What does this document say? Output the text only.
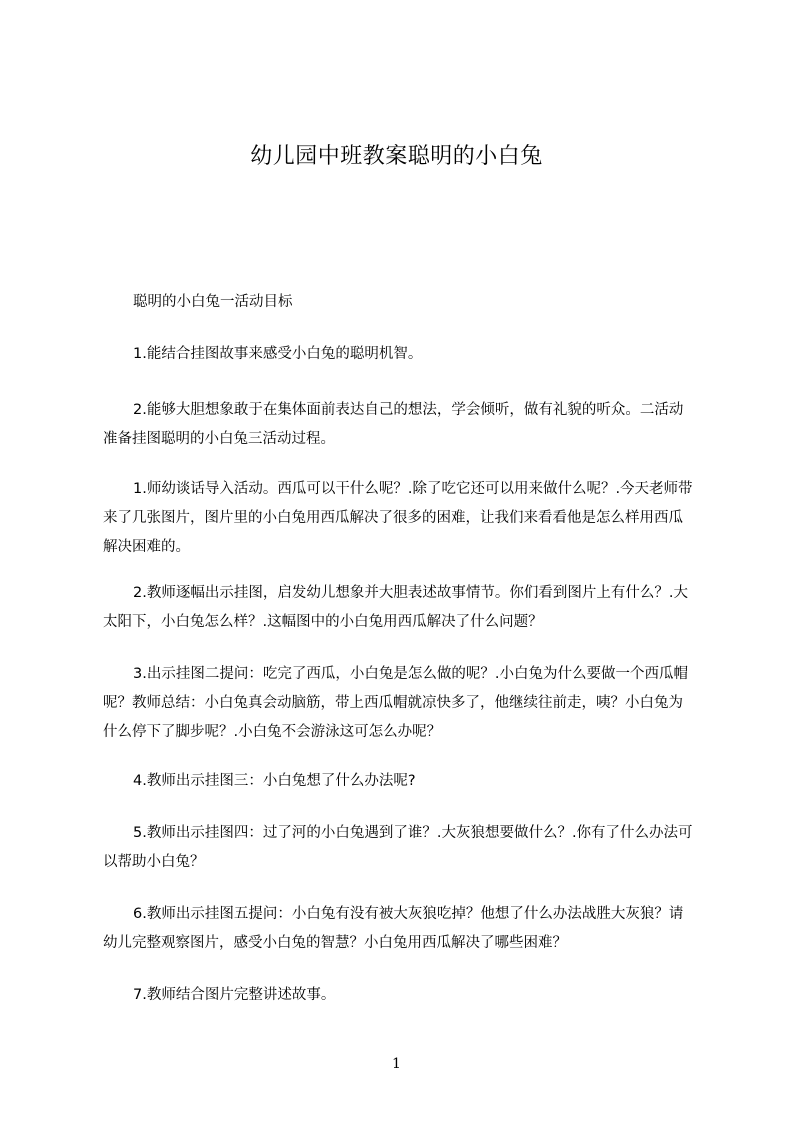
幼儿园中班教案聪明的小白兔

聪明的小白兔一活动目标

1.能结合挂图故事来感受小白兔的聪明机智。

2.能够大胆想象敢于在集体面前表达自己的想法，学会倾听，做有礼貌的听众。二活动准备挂图聪明的小白兔三活动过程。

1.师幼谈话导入活动。西瓜可以干什么呢？.除了吃它还可以用来做什么呢？.今天老师带来了几张图片，图片里的小白兔用西瓜解决了很多的困难，让我们来看看他是怎么样用西瓜解决困难的。

2.教师逐幅出示挂图，启发幼儿想象并大胆表述故事情节。你们看到图片上有什么？.大太阳下，小白兔怎么样？.这幅图中的小白兔用西瓜解决了什么问题？

3.出示挂图二提问：吃完了西瓜，小白兔是怎么做的呢？.小白兔为什么要做一个西瓜帽呢？教师总结：小白兔真会动脑筋，带上西瓜帽就凉快多了，他继续往前走，咦？小白兔为什么停下了脚步呢？.小白兔不会游泳这可怎么办呢？

4.教师出示挂图三：小白兔想了什么办法呢?

5.教师出示挂图四：过了河的小白兔遇到了谁？.大灰狼想要做什么？.你有了什么办法可以帮助小白兔？

6.教师出示挂图五提问：小白兔有没有被大灰狼吃掉？他想了什么办法战胜大灰狼？请幼儿完整观察图片，感受小白兔的智慧？小白兔用西瓜解决了哪些困难？

7.教师结合图片完整讲述故事。

1
